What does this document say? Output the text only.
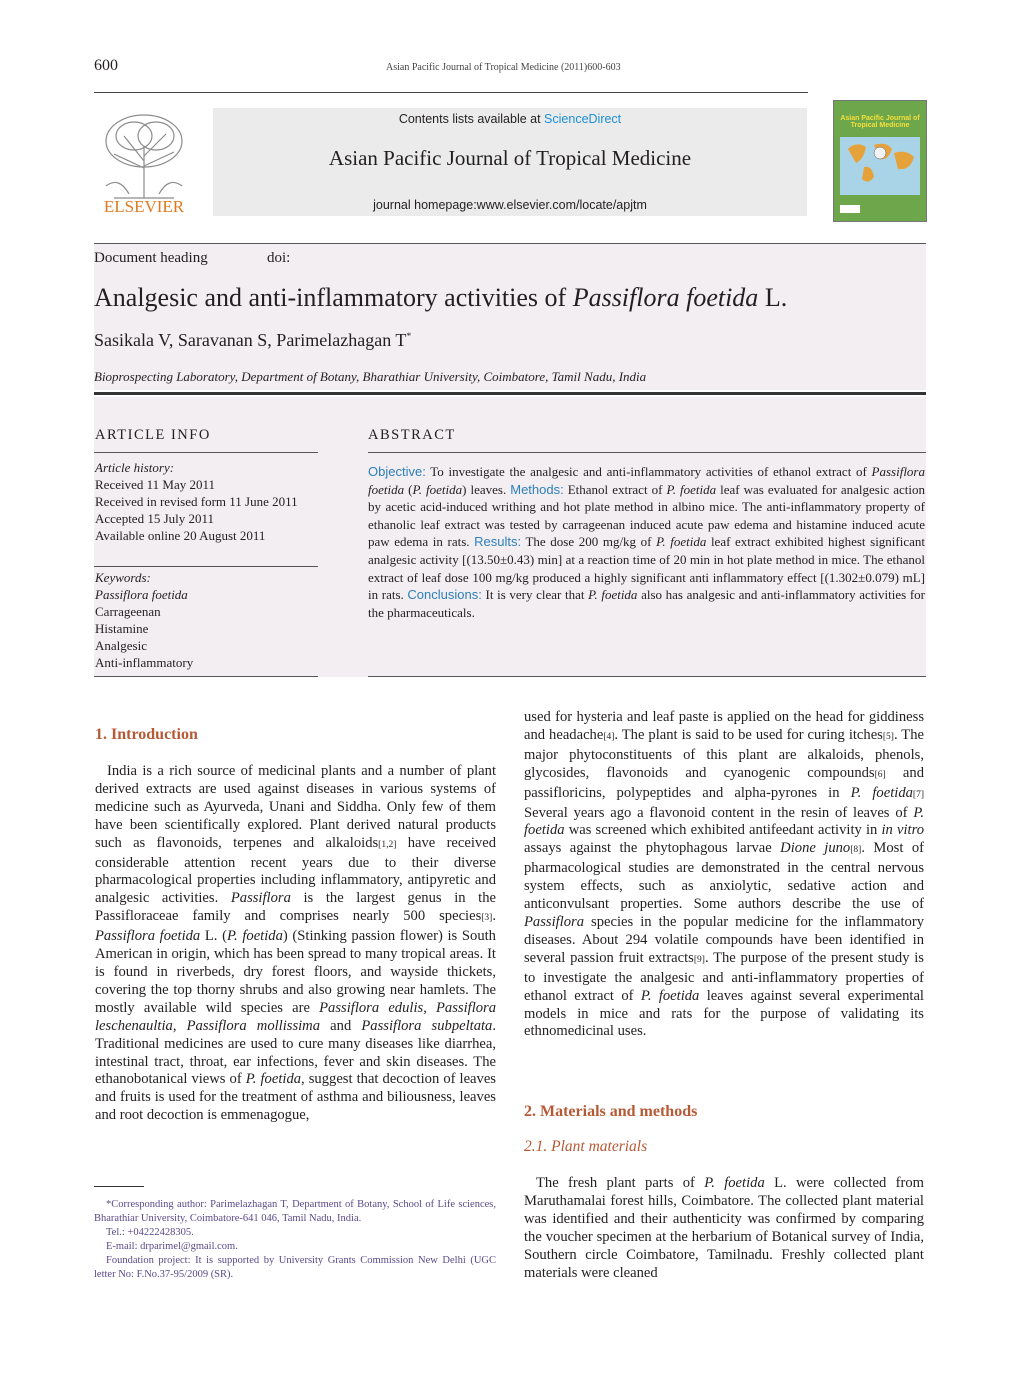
600	Asian Pacific Journal of Tropical Medicine (2011)600-603
ELSEVIER
Contents lists available at ScienceDirect
Asian Pacific Journal of Tropical Medicine
journal homepage:www.elsevier.com/locate/apjtm
Asian Pacific Journal of Tropical Medicine
Document heading	doi:
Analgesic and anti-inflammatory activities of Passiflora foetida L.
Sasikala V, Saravanan S, Parimelazhagan T*
Bioprospecting Laboratory, Department of Botany, Bharathiar University, Coimbatore, Tamil Nadu, India
ARTICLE INFO	ABSTRACT
Article history:
Received 11 May 2011
Received in revised form 11 June 2011
Accepted 15 July 2011
Available online 20 August 2011
Keywords:
Passiflora foetida
Carrageenan
Histamine
Analgesic
Anti-inflammatory
Objective: To investigate the analgesic and anti-inflammatory activities of ethanol extract of Passiflora foetida (P. foetida) leaves. Methods: Ethanol extract of P. foetida leaf was evaluated for analgesic action by acetic acid-induced writhing and hot plate method in albino mice. The anti-inflammatory property of ethanolic leaf extract was tested by carrageenan induced acute paw edema and histamine induced acute paw edema in rats. Results: The dose 200 mg/kg of P. foetida leaf extract exhibited highest significant analgesic activity [(13.50±0.43) min] at a reaction time of 20 min in hot plate method in mice. The ethanol extract of leaf dose 100 mg/kg produced a highly significant anti inflammatory effect [(1.302±0.079) mL] in rats. Conclusions: It is very clear that P. foetida also has analgesic and anti-inflammatory activities for the pharmaceuticals.
1. Introduction

India is a rich source of medicinal plants and a number of plant derived extracts are used against diseases in various systems of medicine such as Ayurveda, Unani and Siddha. Only few of them have been scientifically explored. Plant derived natural products such as flavonoids, terpenes and alkaloids[1,2] have received considerable attention recent years due to their diverse pharmacological properties including inflammatory, antipyretic and analgesic activities. Passiflora is the largest genus in the Passifloraceae family and comprises nearly 500 species[3]. Passiflora foetida L. (P. foetida) (Stinking passion flower) is South American in origin, which has been spread to many tropical areas. It is found in riverbeds, dry forest floors, and wayside thickets, covering the top thorny shrubs and also growing near hamlets. The mostly available wild species are Passiflora edulis, Passiflora leschenaultia, Passiflora mollissima and Passiflora subpeltata. Traditional medicines are used to cure many diseases like diarrhea, intestinal tract, throat, ear infections, fever and skin diseases. The ethanobotanical views of P. foetida, suggest that decoction of leaves and fruits is used for the treatment of asthma and biliousness, leaves and root decoction is emmenagogue,

*Corresponding author: Parimelazhagan T, Department of Botany, School of Life sciences, Bharathiar University, Coimbatore-641 046, Tamil Nadu, India.

Tel.: +04222428305.

E-mail: drparimel@gmail.com.

Foundation project: It is supported by University Grants Commission New Delhi (UGC letter No: F.No.37-95/2009 (SR).

used for hysteria and leaf paste is applied on the head for giddiness and headache[4]. The plant is said to be used for curing itches[5]. The major phytoconstituents of this plant are alkaloids, phenols, glycosides, flavonoids and cyanogenic compounds[6] and passifloricins, polypeptides and alpha-pyrones in P. foetida[7] Several years ago a flavonoid content in the resin of leaves of P. foetida was screened which exhibited antifeedant activity in in vitro assays against the phytophagous larvae Dione juno[8]. Most of pharmacological studies are demonstrated in the central nervous system effects, such as anxiolytic, sedative action and anticonvulsant properties. Some authors describe the use of Passiflora species in the popular medicine for the inflammatory diseases. About 294 volatile compounds have been identified in several passion fruit extracts[9]. The purpose of the present study is to investigate the analgesic and anti-inflammatory properties of ethanol extract of P. foetida leaves against several experimental models in mice and rats for the purpose of validating its ethnomedicinal uses.

2. Materials and methods
2.1. Plant materials

The fresh plant parts of P. foetida L. were collected from Maruthamalai forest hills, Coimbatore. The collected plant material was identified and their authenticity was confirmed by comparing the voucher specimen at the herbarium of Botanical survey of India, Southern circle Coimbatore, Tamilnadu. Freshly collected plant materials were cleaned
